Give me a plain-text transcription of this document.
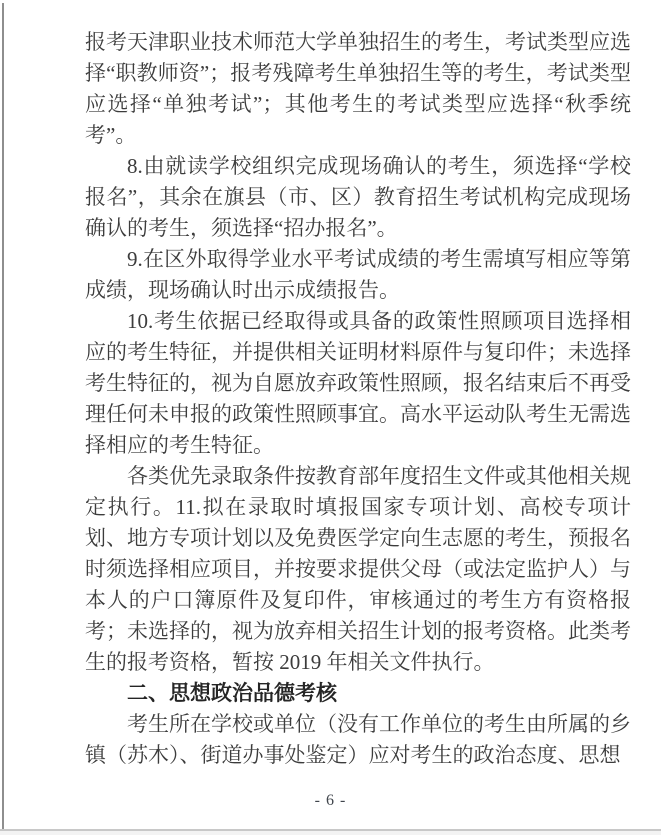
报考天津职业技术师范大学单独招生的考生，考试类型应选择“职教师资”；报考残障考生单独招生等的考生，考试类型应选择“单独考试”；其他考生的考试类型应选择“秋季统考”。

8.由就读学校组织完成现场确认的考生，须选择“学校报名”，其余在旗县（市、区）教育招生考试机构完成现场确认的考生，须选择“招办报名”。

9.在区外取得学业水平考试成绩的考生需填写相应等第成绩，现场确认时出示成绩报告。

10.考生依据已经取得或具备的政策性照顾项目选择相应的考生特征，并提供相关证明材料原件与复印件；未选择考生特征的，视为自愿放弃政策性照顾，报名结束后不再受理任何未申报的政策性照顾事宜。高水平运动队考生无需选择相应的考生特征。

各类优先录取条件按教育部年度招生文件或其他相关规定执行。11.拟在录取时填报国家专项计划、高校专项计划、地方专项计划以及免费医学定向生志愿的考生，预报名时须选择相应项目，并按要求提供父母（或法定监护人）与本人的户口簿原件及复印件，审核通过的考生方有资格报考；未选择的，视为放弃相关招生计划的报考资格。此类考生的报考资格，暂按 2019 年相关文件执行。

二、思想政治品德考核

考生所在学校或单位（没有工作单位的考生由所属的乡镇（苏木）、街道办事处鉴定）应对考生的政治态度、思想

- 6 -
